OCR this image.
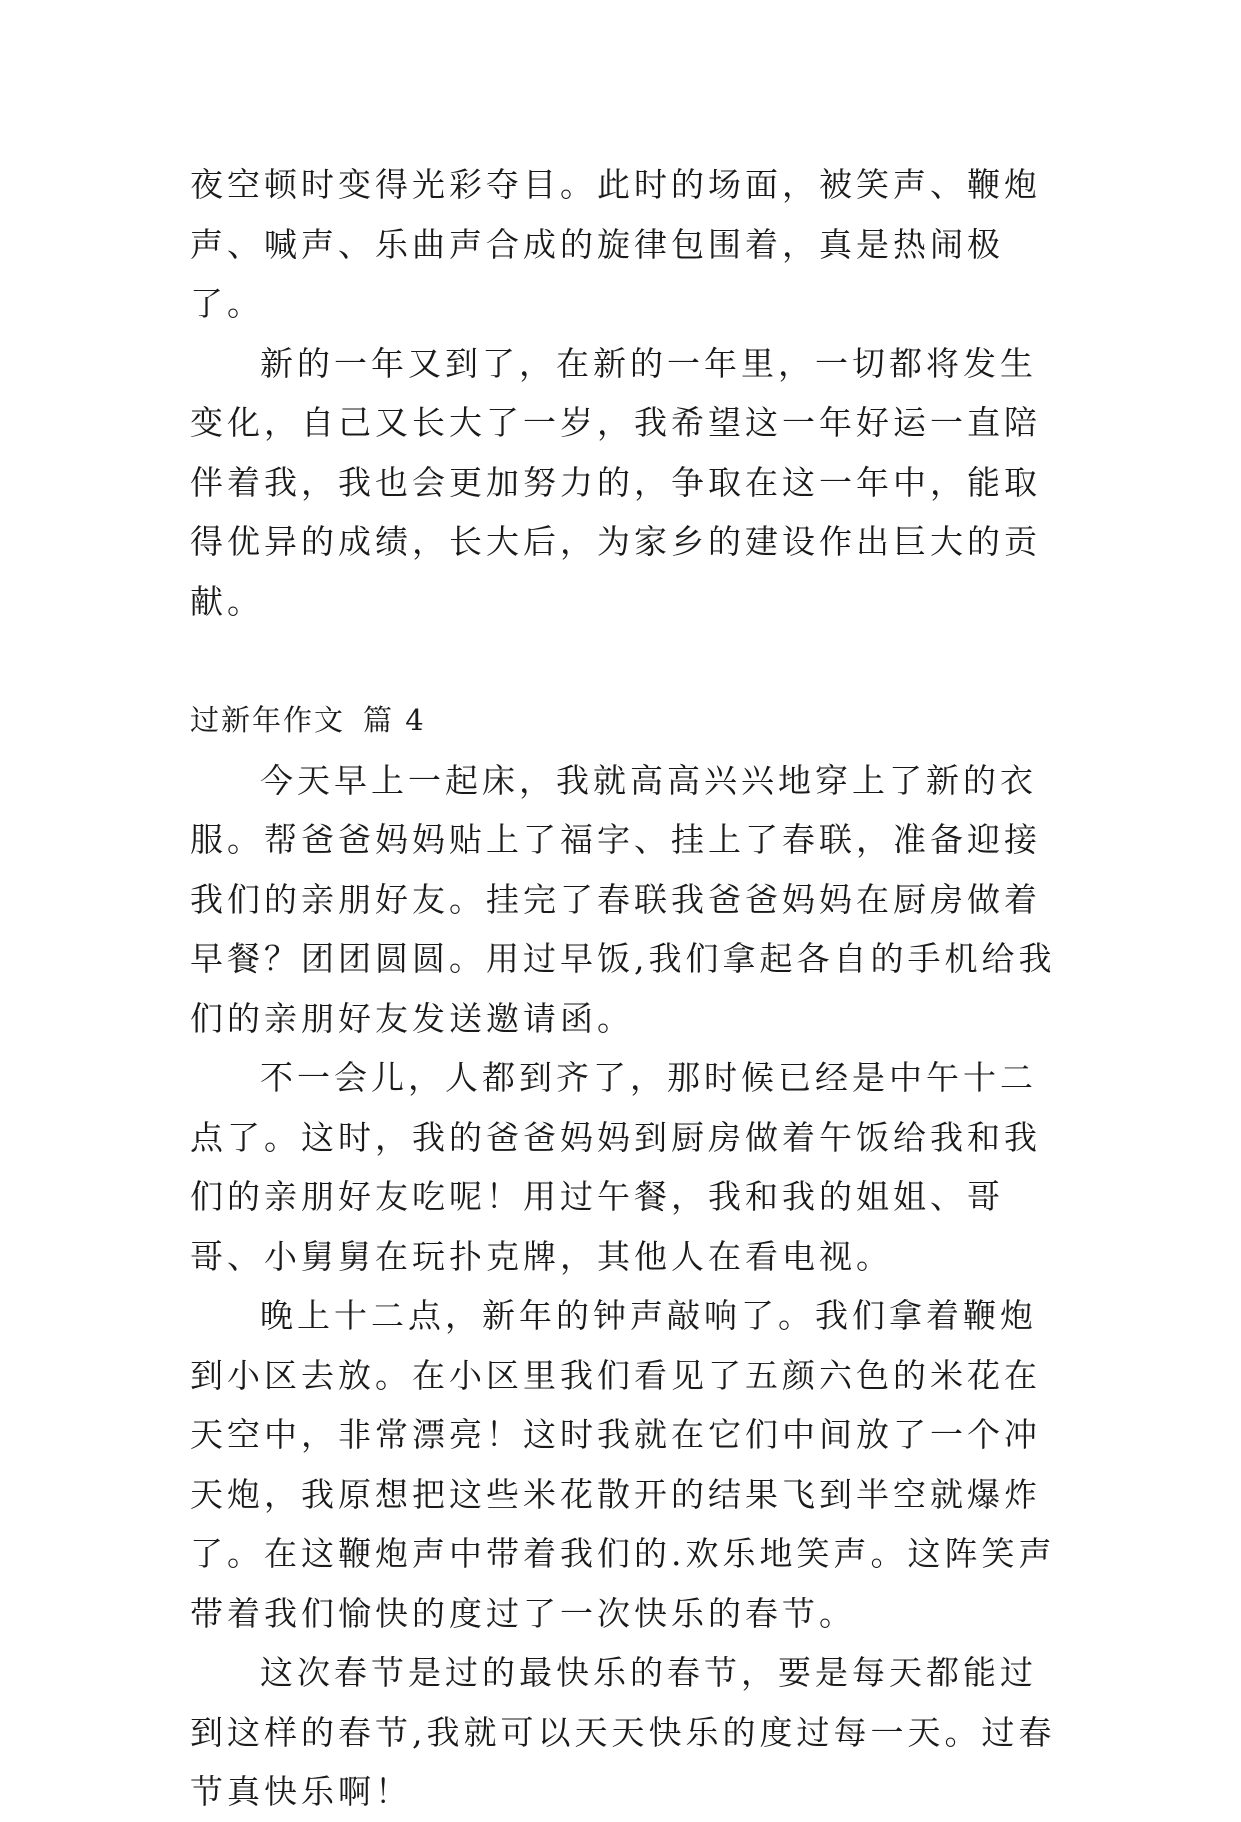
夜空顿时变得光彩夺目。此时的场面，被笑声、鞭炮声、喊声、乐曲声合成的旋律包围着，真是热闹极了。

新的一年又到了，在新的一年里，一切都将发生变化，自己又长大了一岁，我希望这一年好运一直陪伴着我，我也会更加努力的，争取在这一年中，能取得优异的成绩，长大后，为家乡的建设作出巨大的贡献。

过新年作文 篇 4

今天早上一起床，我就高高兴兴地穿上了新的衣服。帮爸爸妈妈贴上了福字、挂上了春联，准备迎接我们的亲朋好友。挂完了春联我爸爸妈妈在厨房做着早餐？团团圆圆。用过早饭,我们拿起各自的手机给我们的亲朋好友发送邀请函。

不一会儿，人都到齐了，那时候已经是中午十二点了。这时，我的爸爸妈妈到厨房做着午饭给我和我们的亲朋好友吃呢！用过午餐，我和我的姐姐、哥哥、小舅舅在玩扑克牌，其他人在看电视。

晚上十二点，新年的钟声敲响了。我们拿着鞭炮到小区去放。在小区里我们看见了五颜六色的米花在天空中，非常漂亮！这时我就在它们中间放了一个冲天炮，我原想把这些米花散开的结果飞到半空就爆炸了。在这鞭炮声中带着我们的.欢乐地笑声。这阵笑声带着我们愉快的度过了一次快乐的春节。

这次春节是过的最快乐的春节，要是每天都能过到这样的春节,我就可以天天快乐的度过每一天。过春节真快乐啊！
